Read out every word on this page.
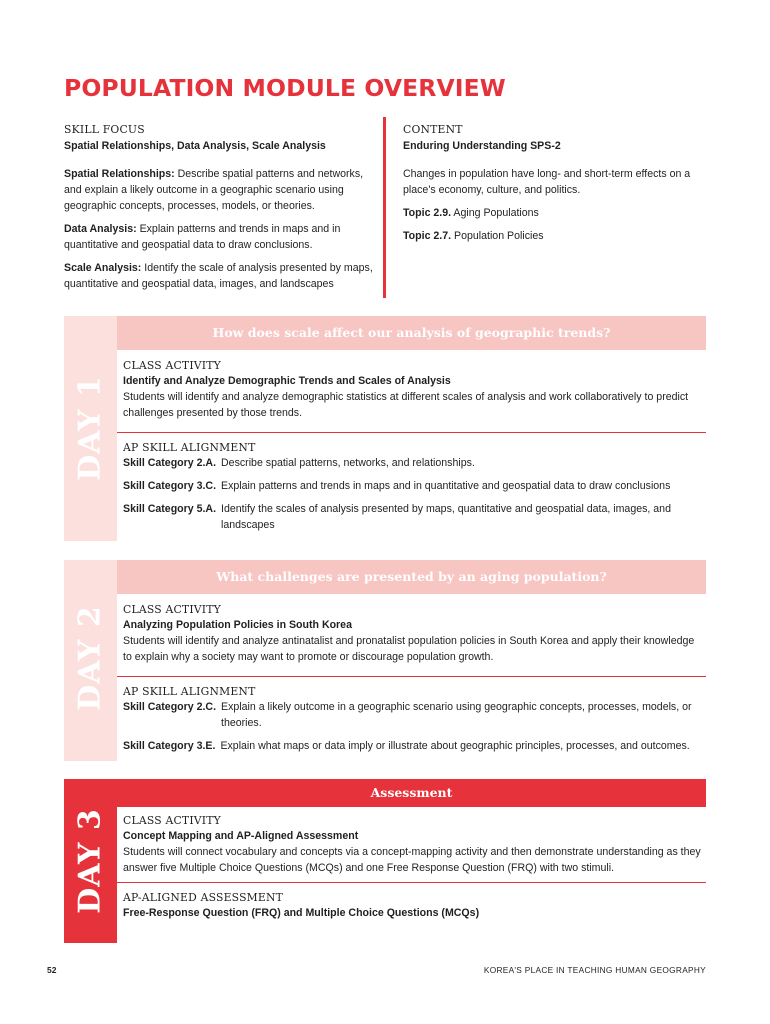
POPULATION MODULE OVERVIEW
SKILL FOCUS
Spatial Relationships, Data Analysis, Scale Analysis
Spatial Relationships: Describe spatial patterns and networks, and explain a likely outcome in a geographic scenario using geographic concepts, processes, models, or theories.
Data Analysis: Explain patterns and trends in maps and in quantitative and geospatial data to draw conclusions.
Scale Analysis: Identify the scale of analysis presented by maps, quantitative and geospatial data, images, and landscapes
CONTENT
Enduring Understanding SPS-2
Changes in population have long- and short-term effects on a place's economy, culture, and politics.
Topic 2.9. Aging Populations
Topic 2.7. Population Policies
DAY 1
How does scale affect our analysis of geographic trends?
CLASS ACTIVITY
Identify and Analyze Demographic Trends and Scales of Analysis
Students will identify and analyze demographic statistics at different scales of analysis and work collaboratively to predict challenges presented by those trends.
AP SKILL ALIGNMENT
Skill Category 2.A. Describe spatial patterns, networks, and relationships.
Skill Category 3.C. Explain patterns and trends in maps and in quantitative and geospatial data to draw conclusions
Skill Category 5.A. Identify the scales of analysis presented by maps, quantitative and geospatial data, images, and landscapes
DAY 2
What challenges are presented by an aging population?
CLASS ACTIVITY
Analyzing Population Policies in South Korea
Students will identify and analyze antinatalist and pronatalist population policies in South Korea and apply their knowledge to explain why a society may want to promote or discourage population growth.
AP SKILL ALIGNMENT
Skill Category 2.C. Explain a likely outcome in a geographic scenario using geographic concepts, processes, models, or theories.
Skill Category 3.E. Explain what maps or data imply or illustrate about geographic principles, processes, and outcomes.
DAY 3
Assessment
CLASS ACTIVITY
Concept Mapping and AP-Aligned Assessment
Students will connect vocabulary and concepts via a concept-mapping activity and then demonstrate understanding as they answer five Multiple Choice Questions (MCQs) and one Free Response Question (FRQ) with two stimuli.
AP-ALIGNED ASSESSMENT
Free-Response Question (FRQ) and Multiple Choice Questions (MCQs)
52	KOREA'S PLACE IN TEACHING HUMAN GEOGRAPHY
